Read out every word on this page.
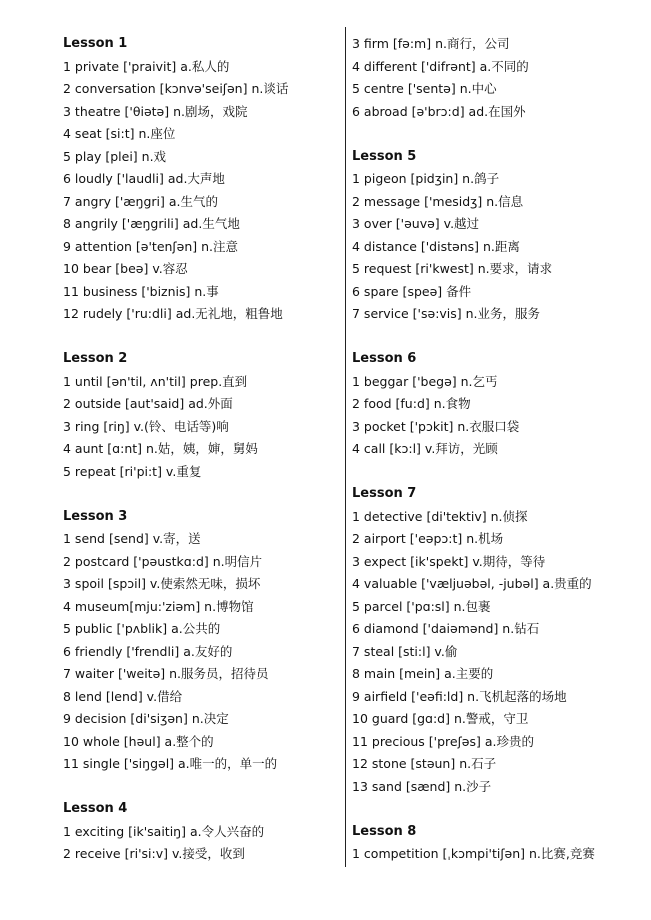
Lesson 1
1 private ['praivit] a.私人的
2 conversation [kɔnvə'seiʃən] n.谈话
3 theatre ['θiətə] n.剧场，戏院
4 seat [si:t] n.座位
5 play [plei] n.戏
6 loudly ['laudli] ad.大声地
7 angry ['æŋgri] a.生气的
8 angrily ['æŋgrili] ad.生气地
9 attention [ə'tenʃən] n.注意
10 bear [beə] v.容忍
11 business ['biznis] n.事
12 rudely ['ru:dli] ad.无礼地，粗鲁地
Lesson 2
1 until [ən'til, ʌn'til] prep.直到
2 outside [aut'said] ad.外面
3 ring [riŋ] v.(铃、电话等)响
4 aunt [ɑ:nt] n.姑，姨，婶，舅妈
5 repeat [ri'pi:t] v.重复
Lesson 3
1 send [send] v.寄，送
2 postcard ['pəustkɑ:d] n.明信片
3 spoil [spɔil] v.使索然无味，损坏
4 museum[mju:'ziəm] n.博物馆
5 public ['pʌblik] a.公共的
6 friendly ['frendli] a.友好的
7 waiter ['weitə] n.服务员，招待员
8 lend [lend] v.借给
9 decision [di'siʒən] n.决定
10 whole [həul] a.整个的
11 single ['siŋgəl] a.唯一的，单一的
Lesson 4
1 exciting [ik'saitiŋ] a.令人兴奋的
2 receive [ri'si:v] v.接受，收到
3 firm [fə:m] n.商行，公司
4 different ['difrənt] a.不同的
5 centre ['sentə] n.中心
6 abroad [ə'brɔ:d] ad.在国外
Lesson 5
1 pigeon [pidʒin] n.鸽子
2 message ['mesidʒ] n.信息
3 over ['əuvə] v.越过
4 distance ['distəns] n.距离
5 request [ri'kwest] n.要求，请求
6 spare [speə] 备件
7 service ['sə:vis] n.业务，服务
Lesson 6
1 beggar ['begə] n.乞丐
2 food [fu:d] n.食物
3 pocket ['pɔkit] n.衣服口袋
4 call [kɔ:l] v.拜访，光顾
Lesson 7
1 detective [di'tektiv] n.侦探
2 airport ['eəpɔ:t] n.机场
3 expect [ik'spekt] v.期待，等待
4 valuable ['væljuəbəl, -jubəl] a.贵重的
5 parcel ['pɑ:sl] n.包裹
6 diamond ['daiəmənd] n.钻石
7 steal [sti:l] v.偷
8 main [mein] a.主要的
9 airfield ['eəfi:ld] n.飞机起落的场地
10 guard [gɑ:d] n.警戒，守卫
11 precious ['preʃəs] a.珍贵的
12 stone [stəun] n.石子
13 sand [sænd] n.沙子
Lesson 8
1 competition [ˌkɔmpi'tiʃən] n.比赛,竞赛
